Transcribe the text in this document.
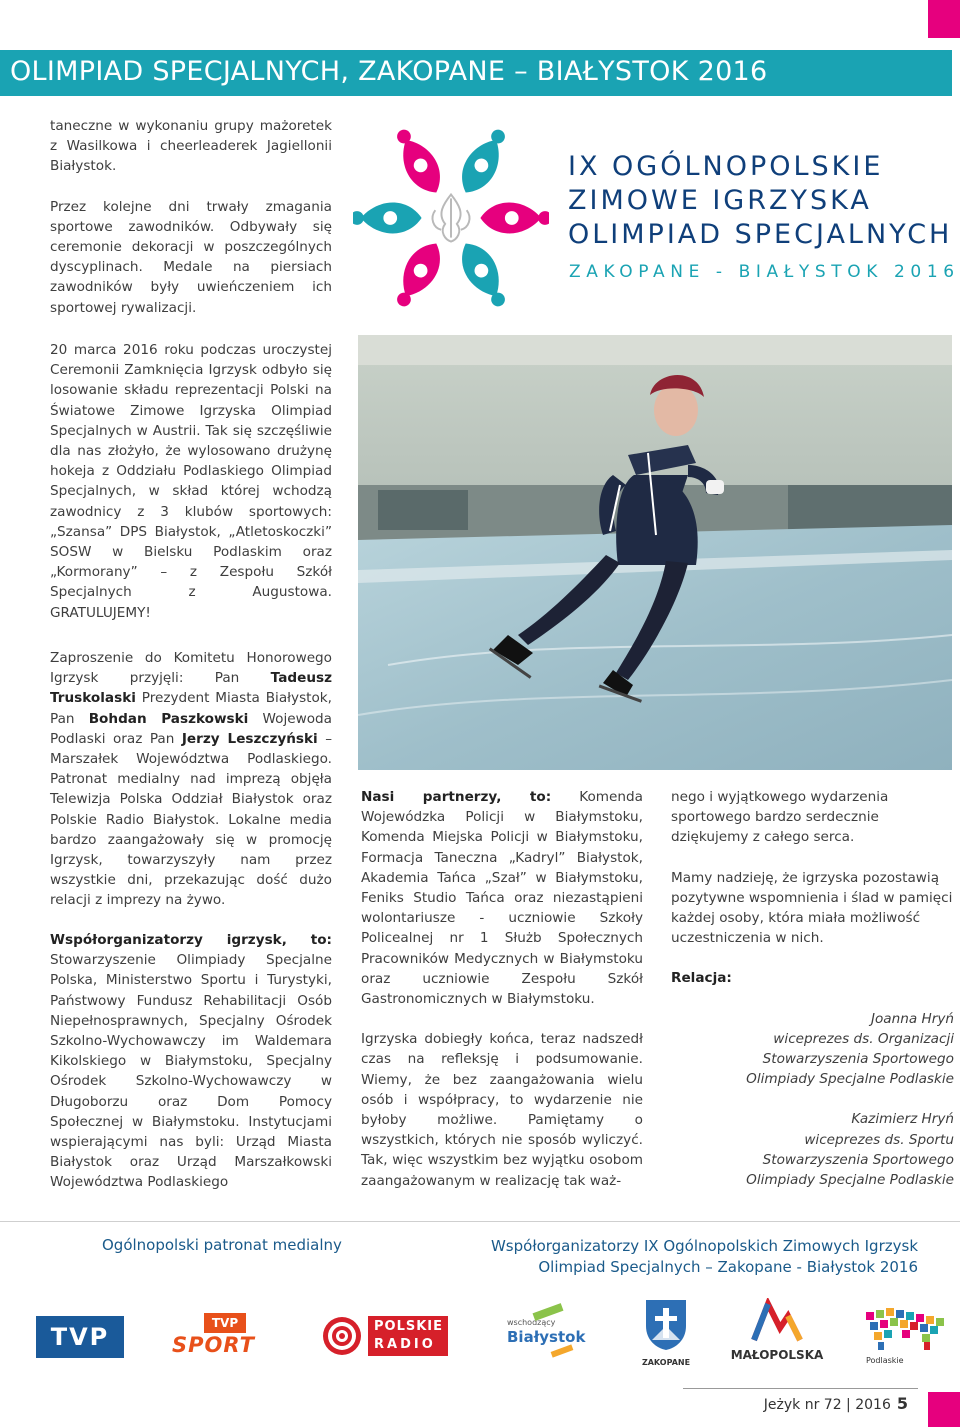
OLIMPIAD SPECJALNYCH, ZAKOPANE – BIAŁYSTOK 2016

taneczne w wykonaniu grupy mażoretek z Wasilkowa i cheerleaderek Jagiellonii Białystok.

Przez kolejne dni trwały zmagania sportowe zawodników. Odbywały się ceremonie dekoracji w poszczególnych dyscyplinach. Medale na piersiach zawodników były uwieńczeniem ich sportowej rywalizacji.

20 marca 2016 roku podczas uroczystej Ceremonii Zamknięcia Igrzysk odbyło się losowanie składu reprezentacji Polski na Światowe Zimowe Igrzyska Olimpiad Specjalnych w Austrii. Tak się szczęśliwie dla nas złożyło, że wylosowano drużynę hokeja z Oddziału Podlaskiego Olimpiad Specjalnych, w skład której wchodzą zawodnicy z 3 klubów sportowych: „Szansa” DPS Białystok, „Atletoskoczki” SOSW w Bielsku Podlaskim oraz „Kormorany” – z Zespołu Szkół Specjalnych z Augustowa. GRATULUJEMY!

Zaproszenie do Komitetu Honorowego Igrzysk przyjęli: Pan Tadeusz Truskolaski Prezydent Miasta Białystok, Pan Bohdan Paszkowski Wojewoda Podlaski oraz Pan Jerzy Leszczyński – Marszałek Województwa Podlaskiego. Patronat medialny nad imprezą objęła Telewizja Polska Oddział Białystok oraz Polskie Radio Białystok. Lokalne media bardzo zaangażowały się w promocję Igrzysk, towarzyszyły nam przez wszystkie dni, przekazując dość dużo relacji z imprezy na żywo.

Współorganizatorzy igrzysk, to: Stowarzyszenie Olimpiady Specjalne Polska, Ministerstwo Sportu i Turystyki, Państwowy Fundusz Rehabilitacji Osób Niepełnosprawnych, Specjalny Ośrodek Szkolno-Wychowawczy im Waldemara Kikolskiego w Białymstoku, Specjalny Ośrodek Szkolno-Wychowawczy w Długoborzu oraz Dom Pomocy Społecznej w Białymstoku. Instytucjami wspierającymi nas byli: Urząd Miasta Białystok oraz Urząd Marszałkowski Województwa Podlaskiego

IX OGÓLNOPOLSKIE
ZIMOWE IGRZYSKA
OLIMPIAD SPECJALNYCH
ZAKOPANE - BIAŁYSTOK 2016

Nasi partnerzy, to: Komenda Wojewódzka Policji w Białymstoku, Komenda Miejska Policji w Białymstoku, Formacja Taneczna „Kadryl” Białystok, Akademia Tańca „Szał” w Białymstoku, Feniks Studio Tańca oraz niezastąpieni wolontariusze - uczniowie Szkoły Policealnej nr 1 Służb Społecznych Pracowników Medycznych w Białymstoku oraz uczniowie Zespołu Szkół Gastronomicznych w Białymstoku.

Igrzyska dobiegły końca, teraz nadszedł czas na refleksję i podsumowanie. Wiemy, że bez zaangażowania wielu osób i współpracy, to wydarzenie nie byłoby możliwe. Pamiętamy o wszystkich, których nie sposób wyliczyć. Tak, więc wszystkim bez wyjątku osobom zaangażowanym w realizację tak waż-

nego i wyjątkowego wydarzenia sportowego bardzo serdecznie dziękujemy z całego serca.

Mamy nadzieję, że igrzyska pozostawią pozytywne wspomnienia i ślad w pamięci każdej osoby, która miała możliwość uczestniczenia w nich.

Relacja:

Joanna Hryń
wiceprezes ds. Organizacji
Stowarzyszenia Sportowego
Olimpiady Specjalne Podlaskie
Kazimierz Hryń
wiceprezes ds. Sportu
Stowarzyszenia Sportowego
Olimpiady Specjalne Podlaskie
Ogólnopolski patronat medialny	Współorganizatorzy IX Ogólnopolskich Zimowych Igrzysk
Olimpiad Specjalnych – Zakopane - Białystok 2016
TVP	TVP
SPORT
POLSKIE
RADIO
wschodzący
Białystok
ZAKOPANE
MAŁOPOLSKA	Podlaskie
Jeżyk nr 72 | 2016 5
